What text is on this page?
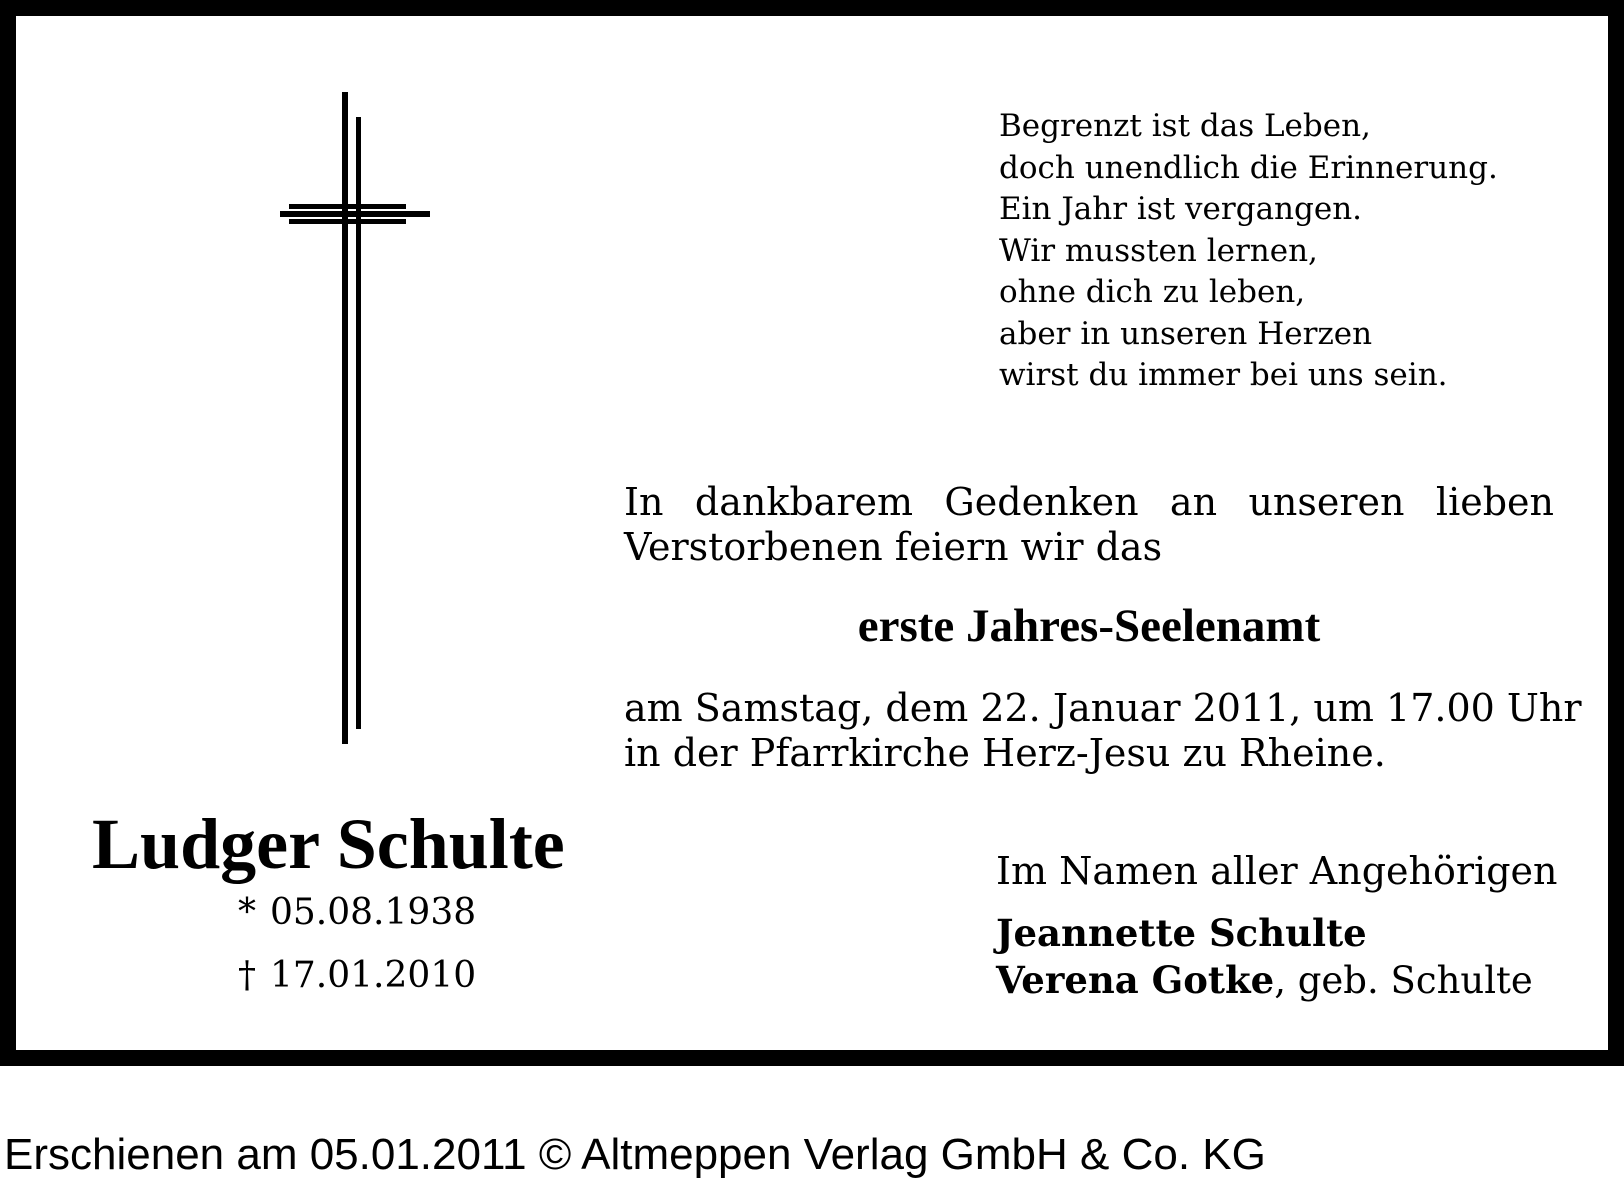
Begrenzt ist das Leben,
doch unendlich die Erinnerung.
Ein Jahr ist vergangen.
Wir mussten lernen,
ohne dich zu leben,
aber in unseren Herzen
wirst du immer bei uns sein.
In dankbarem Gedenken an unseren lieben Verstorbenen feiern wir das
erste Jahres-Seelenamt
am Samstag, dem 22. Januar 2011, um 17.00 Uhr
in der Pfarrkirche Herz-Jesu zu Rheine.
Ludger Schulte
* 05.08.1938
† 17.01.2010
Im Namen aller Angehörigen
Jeannette Schulte
Verena Gotke, geb. Schulte
Erschienen am 05.01.2011 © Altmeppen Verlag GmbH & Co. KG
